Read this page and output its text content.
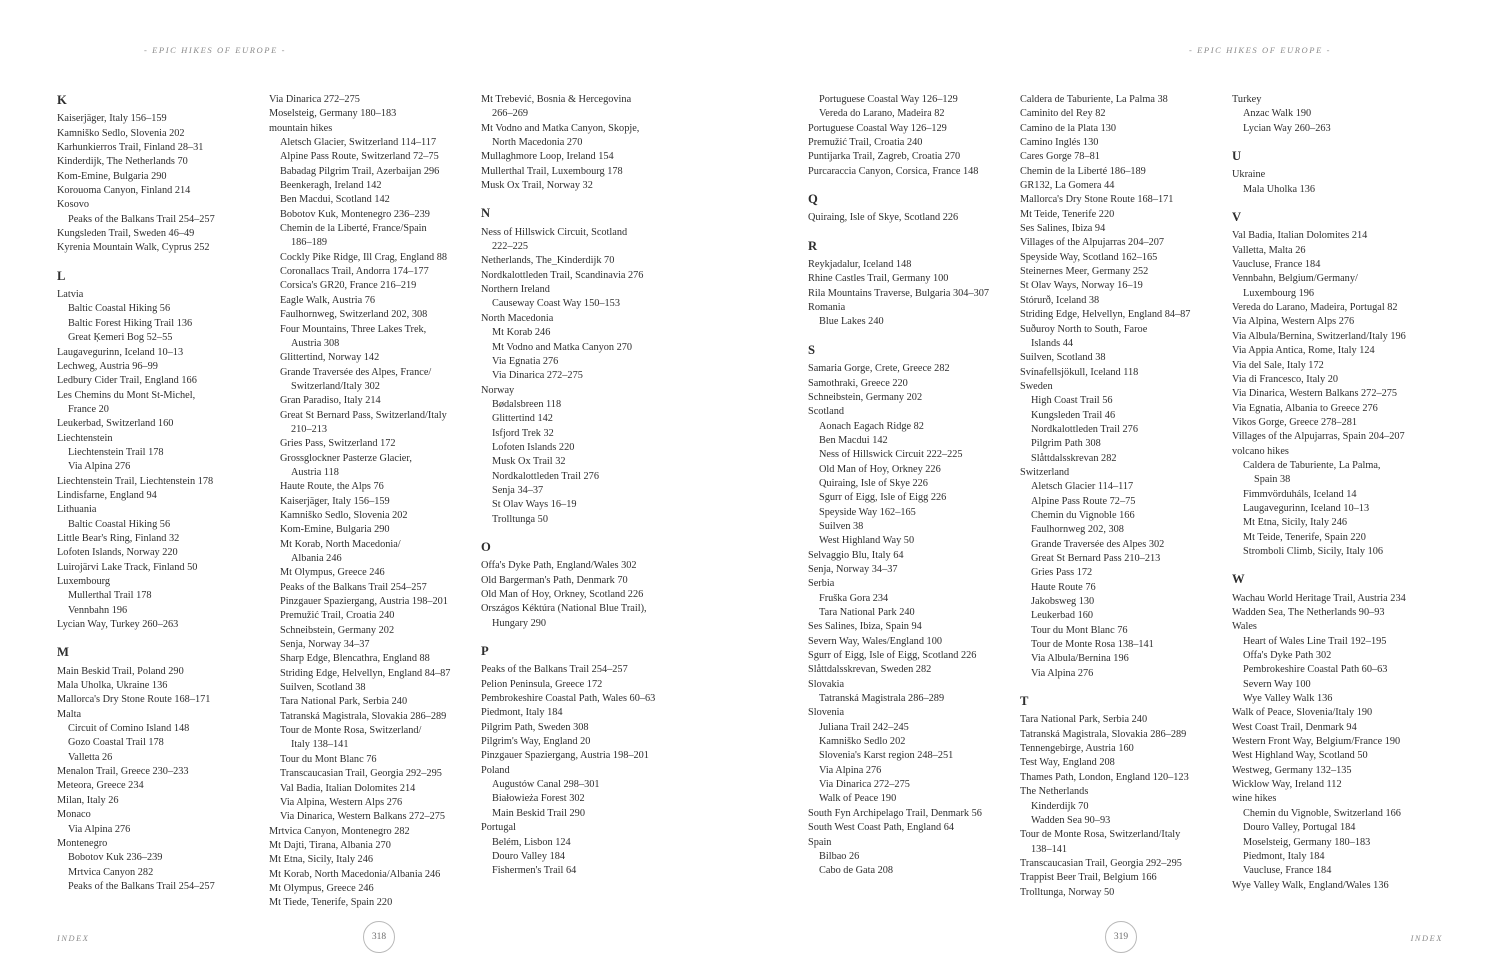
- EPIC HIKES OF EUROPE -
K
Kaiserjäger, Italy 156–159
Kamniško Sedlo, Slovenia 202
Karhunkierros Trail, Finland 28–31
Kinderdijk, The Netherlands 70
Kom-Emine, Bulgaria 290
Korouoma Canyon, Finland 214
Kosovo
Peaks of the Balkans Trail 254–257
Kungsleden Trail, Sweden 46–49
Kyrenia Mountain Walk, Cyprus 252
L
Latvia
Baltic Coastal Hiking 56
Baltic Forest Hiking Trail 136
Great Ķemeri Bog 52–55
Laugavegurinn, Iceland 10–13
Lechweg, Austria 96–99
Ledbury Cider Trail, England 166
Les Chemins du Mont St-Michel,
France 20
Leukerbad, Switzerland 160
Liechtenstein
Liechtenstein Trail 178
Via Alpina 276
Liechtenstein Trail, Liechtenstein 178
Lindisfarne, England 94
Lithuania
Baltic Coastal Hiking 56
Little Bear's Ring, Finland 32
Lofoten Islands, Norway 220
Luirojärvi Lake Track, Finland 50
Luxembourg
Mullerthal Trail 178
Vennbahn 196
Lycian Way, Turkey 260–263
M
Main Beskid Trail, Poland 290
Mala Uholka, Ukraine 136
Mallorca's Dry Stone Route 168–171
Malta
Circuit of Comino Island 148
Gozo Coastal Trail 178
Valletta 26
Menalon Trail, Greece 230–233
Meteora, Greece 234
Milan, Italy 26
Monaco
Via Alpina 276
Montenegro
Bobotov Kuk 236–239
Mrtvica Canyon 282
Peaks of the Balkans Trail 254–257
Via Dinarica 272–275
Moselsteig, Germany 180–183
mountain hikes
Aletsch Glacier, Switzerland 114–117
Alpine Pass Route, Switzerland 72–75
Babadag Pilgrim Trail, Azerbaijan 296
Beenkeragh, Ireland 142
Ben Macdui, Scotland 142
Bobotov Kuk, Montenegro 236–239
Chemin de la Liberté, France/Spain
186–189
Cockly Pike Ridge, Ill Crag, England 88
Coronallacs Trail, Andorra 174–177
Corsica's GR20, France 216–219
Eagle Walk, Austria 76
Faulhornweg, Switzerland 202, 308
Four Mountains, Three Lakes Trek,
Austria 308
Glittertind, Norway 142
Grande Traversée des Alpes, France/
Switzerland/Italy 302
Gran Paradiso, Italy 214
Great St Bernard Pass, Switzerland/Italy
210–213
Gries Pass, Switzerland 172
Grossglockner Pasterze Glacier,
Austria 118
Haute Route, the Alps 76
Kaiserjäger, Italy 156–159
Kamniško Sedlo, Slovenia 202
Kom-Emine, Bulgaria 290
Mt Korab, North Macedonia/
Albania 246
Mt Olympus, Greece 246
Peaks of the Balkans Trail 254–257
Pinzgauer Spaziergang, Austria 198–201
Premužić Trail, Croatia 240
Schneibstein, Germany 202
Senja, Norway 34–37
Sharp Edge, Blencathra, England 88
Striding Edge, Helvellyn, England 84–87
Suilven, Scotland 38
Tara National Park, Serbia 240
Tatranská Magistrala, Slovakia 286–289
Tour de Monte Rosa, Switzerland/
Italy 138–141
Tour du Mont Blanc 76
Transcaucasian Trail, Georgia 292–295
Val Badia, Italian Dolomites 214
Via Alpina, Western Alps 276
Via Dinarica, Western Balkans 272–275
Mrtvica Canyon, Montenegro 282
Mt Dajti, Tirana, Albania 270
Mt Etna, Sicily, Italy 246
Mt Korab, North Macedonia/Albania 246
Mt Olympus, Greece 246
Mt Tiede, Tenerife, Spain 220
Mt Trebević, Bosnia & Hercegovina
266–269
Mt Vodno and Matka Canyon, Skopje,
North Macedonia 270
Mullaghmore Loop, Ireland 154
Mullerthal Trail, Luxembourg 178
Musk Ox Trail, Norway 32
N
Ness of Hillswick Circuit, Scotland
222–225
Netherlands, The_Kinderdijk 70
Nordkalottleden Trail, Scandinavia 276
Northern Ireland
Causeway Coast Way 150–153
North Macedonia
Mt Korab 246
Mt Vodno and Matka Canyon 270
Via Egnatia 276
Via Dinarica 272–275
Norway
Bødalsbreen 118
Glittertind 142
Isfjord Trek 32
Lofoten Islands 220
Musk Ox Trail 32
Nordkalottleden Trail 276
Senja 34–37
St Olav Ways 16–19
Trolltunga 50
O
Offa's Dyke Path, England/Wales 302
Old Bargerman's Path, Denmark 70
Old Man of Hoy, Orkney, Scotland 226
Országos Kéktúra (National Blue Trail),
Hungary 290
P
Peaks of the Balkans Trail 254–257
Pelion Peninsula, Greece 172
Pembrokeshire Coastal Path, Wales 60–63
Piedmont, Italy 184
Pilgrim Path, Sweden 308
Pilgrim's Way, England 20
Pinzgauer Spaziergang, Austria 198–201
Poland
Augustów Canal 298–301
Białowieża Forest 302
Main Beskid Trail 290
Portugal
Belém, Lisbon 124
Douro Valley 184
Fishermen's Trail 64
INDEX	318
- EPIC HIKES OF EUROPE -
Portuguese Coastal Way 126–129
Vereda do Larano, Madeira 82
Portuguese Coastal Way 126–129
Premužić Trail, Croatia 240
Puntijarka Trail, Zagreb, Croatia 270
Purcaraccia Canyon, Corsica, France 148
Q
Quiraing, Isle of Skye, Scotland 226
R
Reykjadalur, Iceland 148
Rhine Castles Trail, Germany 100
Rila Mountains Traverse, Bulgaria 304–307
Romania
Blue Lakes 240
S
Samaria Gorge, Crete, Greece 282
Samothraki, Greece 220
Schneibstein, Germany 202
Scotland
Aonach Eagach Ridge 82
Ben Macdui 142
Ness of Hillswick Circuit 222–225
Old Man of Hoy, Orkney 226
Quiraing, Isle of Skye 226
Sgurr of Eigg, Isle of Eigg 226
Speyside Way 162–165
Suilven 38
West Highland Way 50
Selvaggio Blu, Italy 64
Senja, Norway 34–37
Serbia
Fruška Gora 234
Tara National Park 240
Ses Salines, Ibiza, Spain 94
Severn Way, Wales/England 100
Sgurr of Eigg, Isle of Eigg, Scotland 226
Slåttdalsskrevan, Sweden 282
Slovakia
Tatranská Magistrala 286–289
Slovenia
Juliana Trail 242–245
Kamniško Sedlo 202
Slovenia's Karst region 248–251
Via Alpina 276
Via Dinarica 272–275
Walk of Peace 190
South Fyn Archipelago Trail, Denmark 56
South West Coast Path, England 64
Spain
Bilbao 26
Cabo de Gata 208
Caldera de Taburiente, La Palma 38
Caminito del Rey 82
Camino de la Plata 130
Camino Inglés 130
Cares Gorge 78–81
Chemin de la Liberté 186–189
GR132, La Gomera 44
Mallorca's Dry Stone Route 168–171
Mt Teide, Tenerife 220
Ses Salines, Ibiza 94
Villages of the Alpujarras 204–207
Speyside Way, Scotland 162–165
Steinernes Meer, Germany 252
St Olav Ways, Norway 16–19
Stórurð, Iceland 38
Striding Edge, Helvellyn, England 84–87
Suðuroy North to South, Faroe
Islands 44
Suilven, Scotland 38
Svínafellsjökull, Iceland 118
Sweden
High Coast Trail 56
Kungsleden Trail 46
Nordkalottleden Trail 276
Pilgrim Path 308
Slåttdalsskrevan 282
Switzerland
Aletsch Glacier 114–117
Alpine Pass Route 72–75
Chemin du Vignoble 166
Faulhornweg 202, 308
Grande Traversée des Alpes 302
Great St Bernard Pass 210–213
Gries Pass 172
Haute Route 76
Jakobsweg 130
Leukerbad 160
Tour du Mont Blanc 76
Tour de Monte Rosa 138–141
Via Albula/Bernina 196
Via Alpina 276
T
Tara National Park, Serbia 240
Tatranská Magistrala, Slovakia 286–289
Tennengebirge, Austria 160
Test Way, England 208
Thames Path, London, England 120–123
The Netherlands
Kinderdijk 70
Wadden Sea 90–93
Tour de Monte Rosa, Switzerland/Italy
138–141
Transcaucasian Trail, Georgia 292–295
Trappist Beer Trail, Belgium 166
Trolltunga, Norway 50
Turkey
Anzac Walk 190
Lycian Way 260–263
U
Ukraine
Mala Uholka 136
V
Val Badia, Italian Dolomites 214
Valletta, Malta 26
Vaucluse, France 184
Vennbahn, Belgium/Germany/
Luxembourg 196
Vereda do Larano, Madeira, Portugal 82
Via Alpina, Western Alps 276
Via Albula/Bernina, Switzerland/Italy 196
Via Appia Antica, Rome, Italy 124
Via del Sale, Italy 172
Via di Francesco, Italy 20
Via Dinarica, Western Balkans 272–275
Via Egnatia, Albania to Greece 276
Vikos Gorge, Greece 278–281
Villages of the Alpujarras, Spain 204–207
volcano hikes
Caldera de Taburiente, La Palma,
Spain 38
Fimmvörduháls, Iceland 14
Laugavegurinn, Iceland 10–13
Mt Etna, Sicily, Italy 246
Mt Teide, Tenerife, Spain 220
Stromboli Climb, Sicily, Italy 106
W
Wachau World Heritage Trail, Austria 234
Wadden Sea, The Netherlands 90–93
Wales
Heart of Wales Line Trail 192–195
Offa's Dyke Path 302
Pembrokeshire Coastal Path 60–63
Severn Way 100
Wye Valley Walk 136
Walk of Peace, Slovenia/Italy 190
West Coast Trail, Denmark 94
Western Front Way, Belgium/France 190
West Highland Way, Scotland 50
Westweg, Germany 132–135
Wicklow Way, Ireland 112
wine hikes
Chemin du Vignoble, Switzerland 166
Douro Valley, Portugal 184
Moselsteig, Germany 180–183
Piedmont, Italy 184
Vaucluse, France 184
Wye Valley Walk, England/Wales 136
INDEX
319
